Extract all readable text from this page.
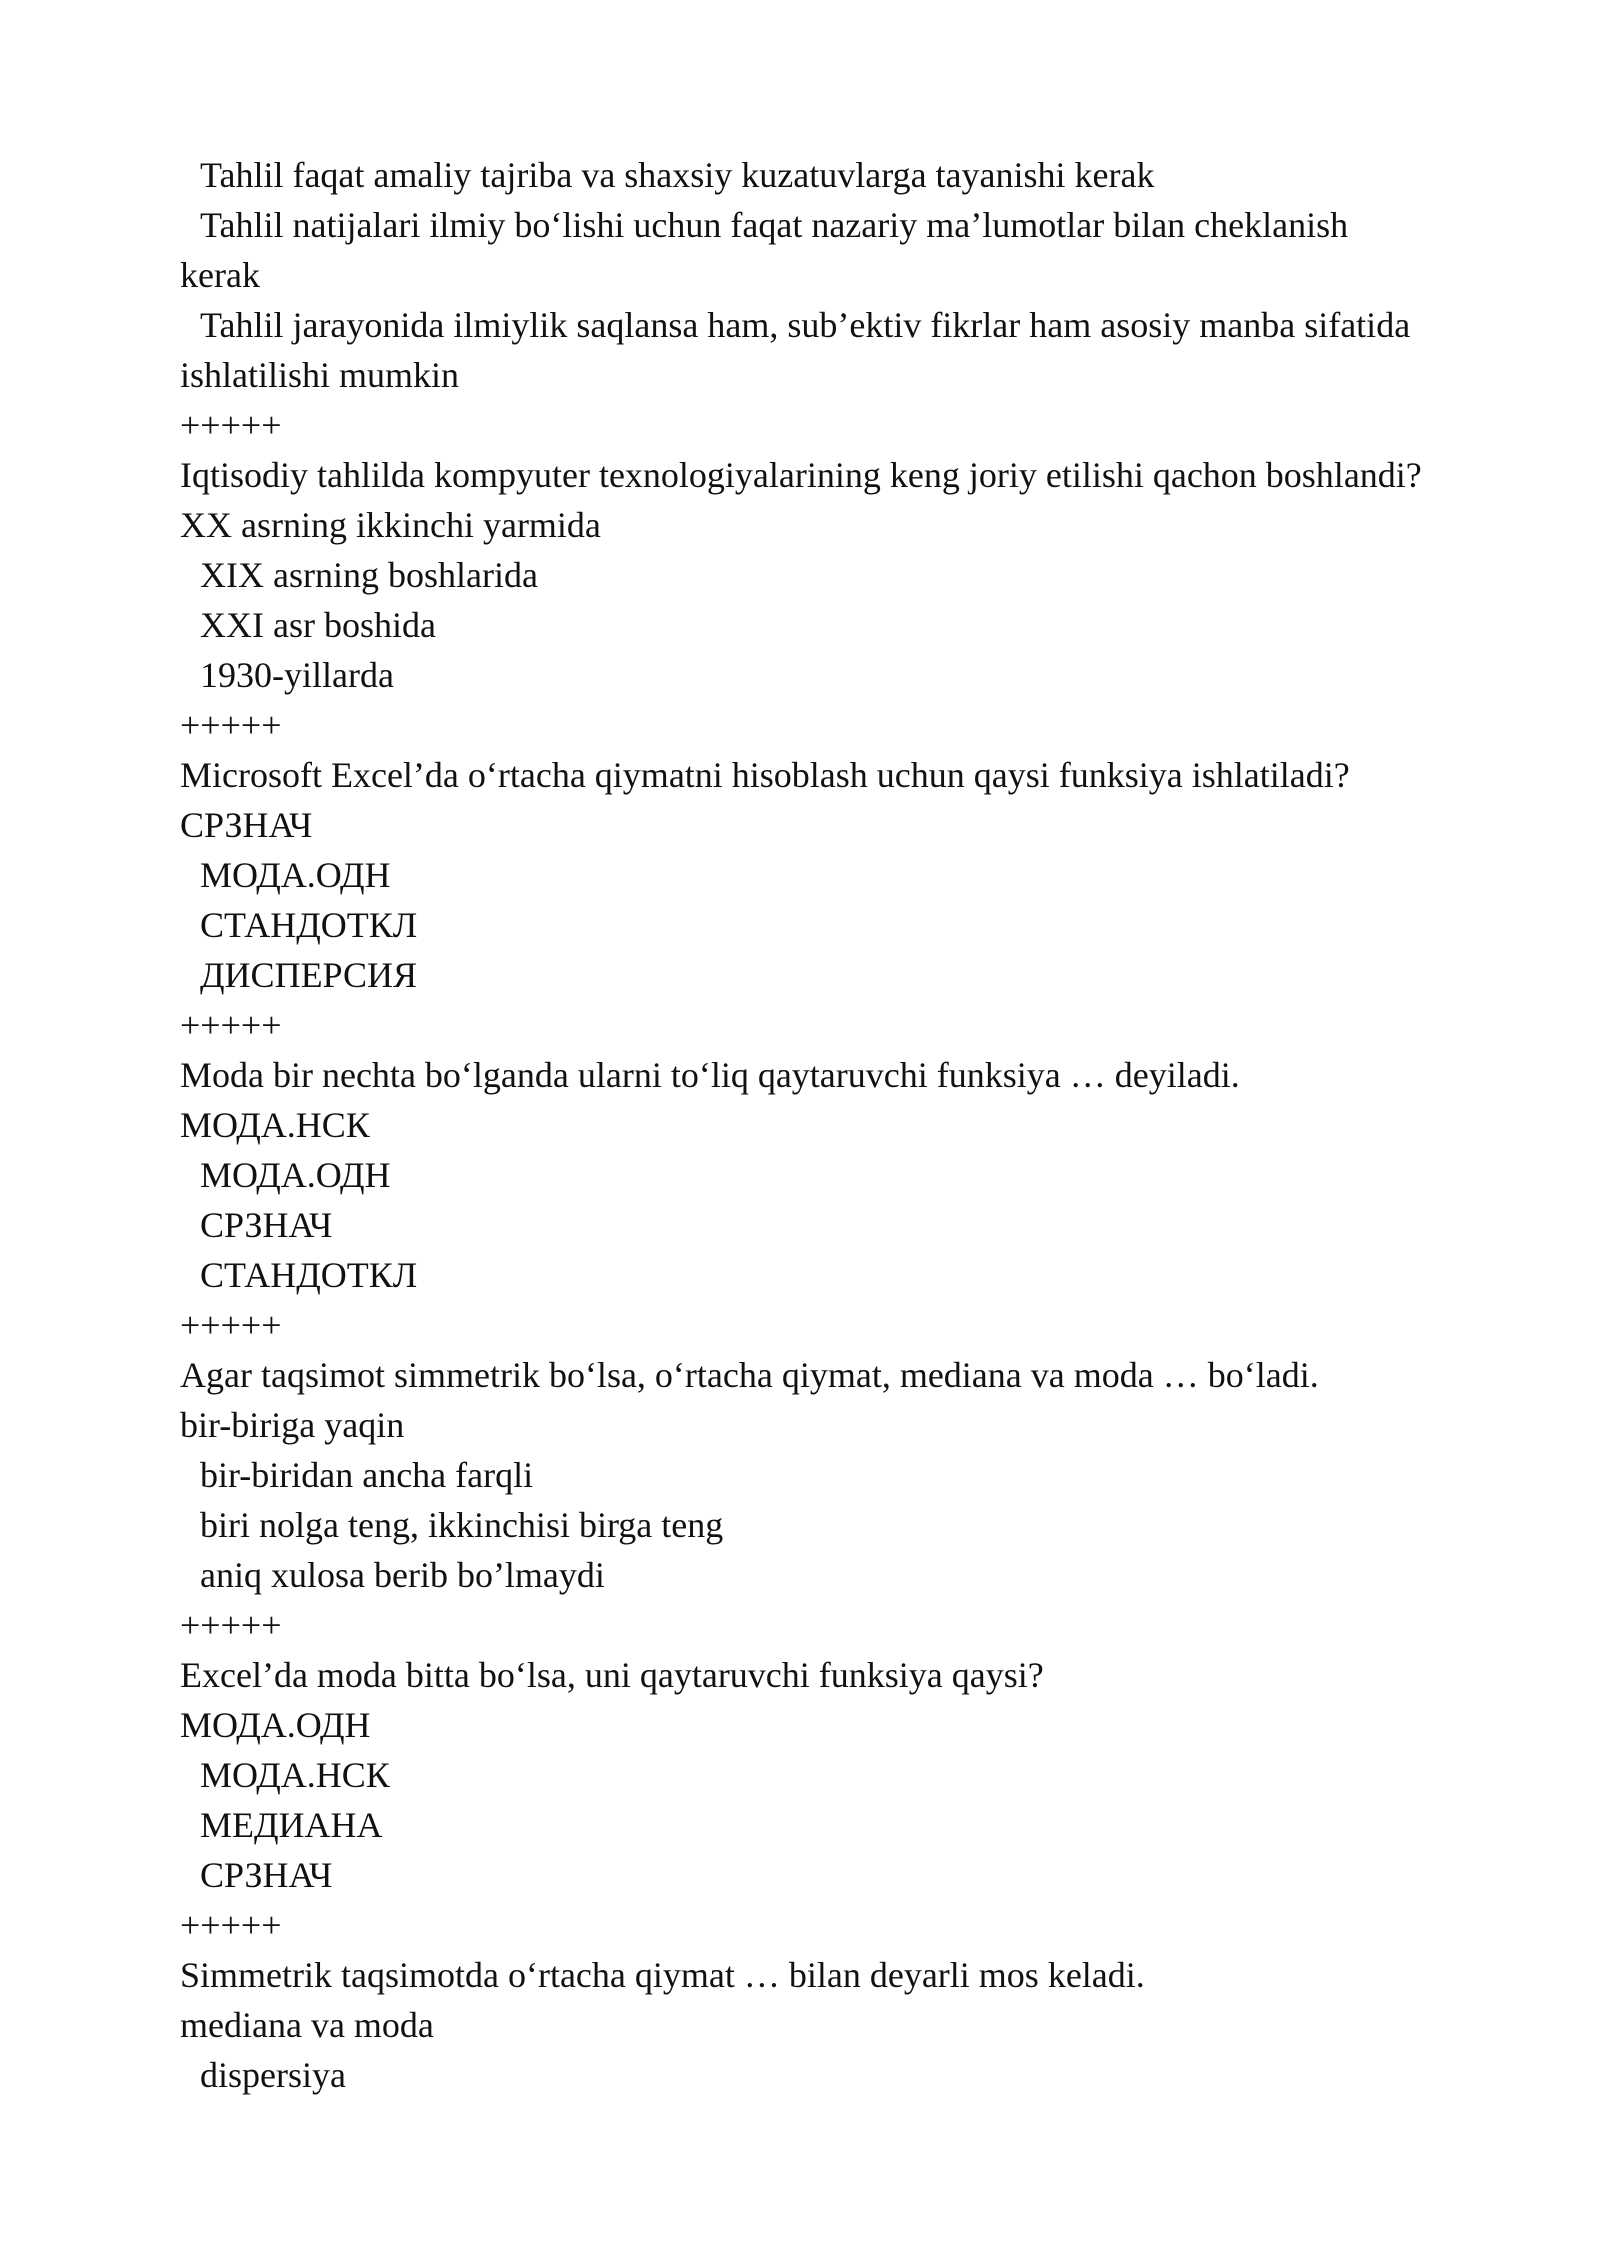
Tahlil faqat amaliy tajriba va shaxsiy kuzatuvlarga tayanishi kerak

Tahlil natijalari ilmiy bo‘lishi uchun faqat nazariy ma’lumotlar bilan cheklanish

kerak

Tahlil jarayonida ilmiylik saqlansa ham, sub’ektiv fikrlar ham asosiy manba sifatida

ishlatilishi mumkin

+++++

Iqtisodiy tahlilda kompyuter texnologiyalarining keng joriy etilishi qachon boshlandi?

XX asrning ikkinchi yarmida

XIX asrning boshlarida

XXI asr boshida

1930-yillarda

+++++

Microsoft Excel’da o‘rtacha qiymatni hisoblash uchun qaysi funksiya ishlatiladi?

СРЗНАЧ

МОДА.ОДН

СТАНДОТКЛ

ДИСПЕРСИЯ

+++++

Moda bir nechta bo‘lganda ularni to‘liq qaytaruvchi funksiya … deyiladi.

МОДА.НСК

МОДА.ОДН

СРЗНАЧ

СТАНДОТКЛ

+++++

Agar taqsimot simmetrik bo‘lsa, o‘rtacha qiymat, mediana va moda … bo‘ladi.

bir-biriga yaqin

bir-biridan ancha farqli

biri nolga teng, ikkinchisi birga teng

aniq xulosa berib bo’lmaydi

+++++

Excel’da moda bitta bo‘lsa, uni qaytaruvchi funksiya qaysi?

МОДА.ОДН

МОДА.НСК

МЕДИАНА

СРЗНАЧ

+++++

Simmetrik taqsimotda o‘rtacha qiymat … bilan deyarli mos keladi.

mediana va moda

dispersiya
